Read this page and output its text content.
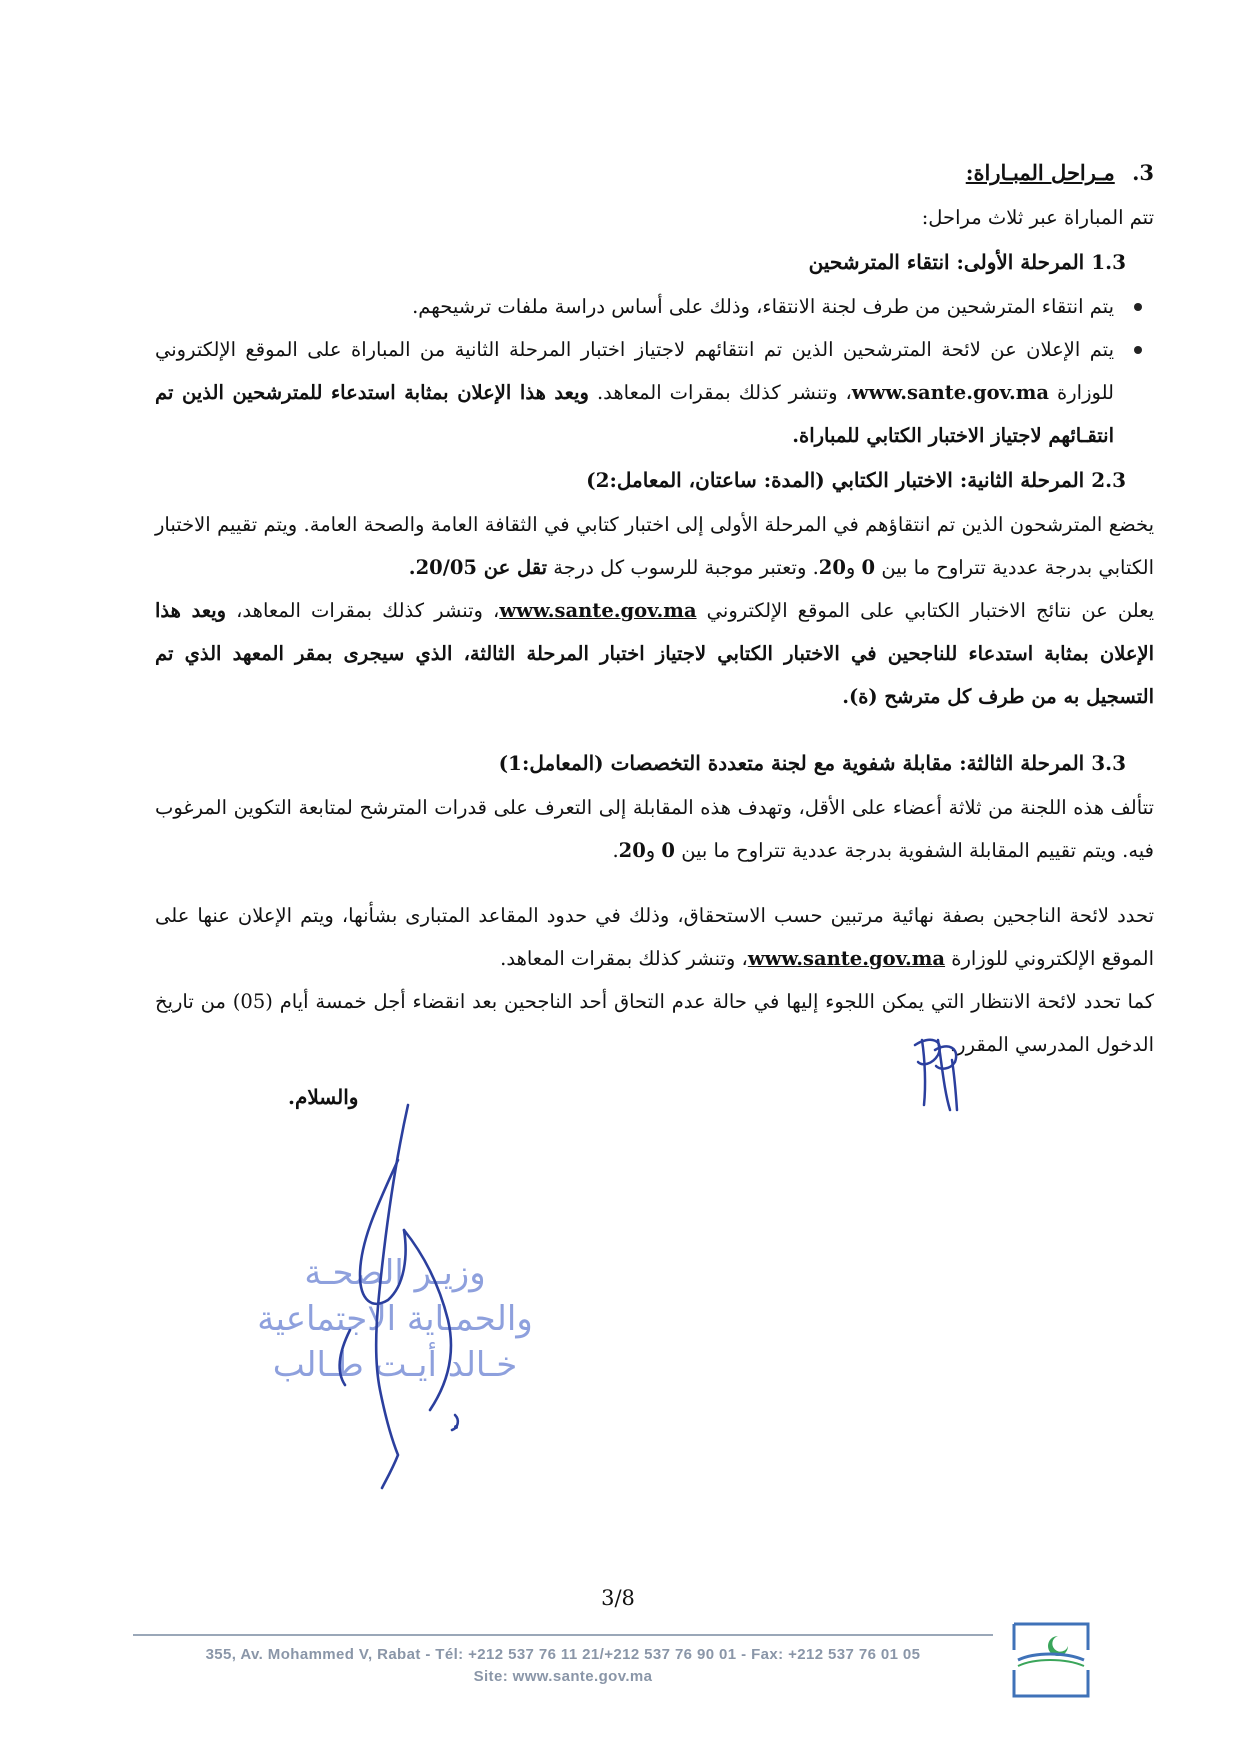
3. مـراحل المبـاراة:

تتم المباراة عبر ثلاث مراحل:

1.3 المرحلة الأولى: انتقاء المترشحين
يتم انتقاء المترشحين من طرف لجنة الانتقاء، وذلك على أساس دراسة ملفات ترشيحهم.
يتم الإعلان عن لائحة المترشحين الذين تم انتقائهم لاجتياز اختبار المرحلة الثانية من المباراة على الموقع الإلكتروني للوزارة www.sante.gov.ma، وتنشر كذلك بمقرات المعاهد. ويعد هذا الإعلان بمثابة استدعاء للمترشحين الذين تم انتقـائهم لاجتياز الاختبار الكتابي للمباراة.
2.3 المرحلة الثانية: الاختبار الكتابي (المدة: ساعتان، المعامل:2)

يخضع المترشحون الذين تم انتقاؤهم في المرحلة الأولى إلى اختبار كتابي في الثقافة العامة والصحة العامة. ويتم تقييم الاختبار الكتابي بدرجة عددية تتراوح ما بين 0 و20. وتعتبر موجبة للرسوب كل درجة تقل عن 20/05.

يعلن عن نتائج الاختبار الكتابي على الموقع الإلكتروني www.sante.gov.ma، وتنشر كذلك بمقرات المعاهد، ويعد هذا الإعلان بمثابة استدعاء للناجحين في الاختبار الكتابي لاجتياز اختبار المرحلة الثالثة، الذي سيجرى بمقر المعهد الذي تم التسجيل به من طرف كل مترشح (ة).

3.3 المرحلة الثالثة: مقابلة شفوية مع لجنة متعددة التخصصات (المعامل:1)

تتألف هذه اللجنة من ثلاثة أعضاء على الأقل، وتهدف هذه المقابلة إلى التعرف على قدرات المترشح لمتابعة التكوين المرغوب فيه. ويتم تقييم المقابلة الشفوية بدرجة عددية تتراوح ما بين 0 و20.

تحدد لائحة الناجحين بصفة نهائية مرتبين حسب الاستحقاق، وذلك في حدود المقاعد المتبارى بشأنها، ويتم الإعلان عنها على الموقع الإلكتروني للوزارة www.sante.gov.ma، وتنشر كذلك بمقرات المعاهد.

كما تحدد لائحة الانتظار التي يمكن اللجوء إليها في حالة عدم التحاق أحد الناجحين بعد انقضاء أجل خمسة أيام (05) من تاريخ الدخول المدرسي المقرر.

والسلام.
وزيـر الصحـة
والحمـاية الاجتماعية
خـالد أيـت طـالب
3/8
355, Av. Mohammed V, Rabat - Tél: +212 537 76 11 21/+212 537 76 90 01 - Fax: +212 537 76 01 05
Site: www.sante.gov.ma
